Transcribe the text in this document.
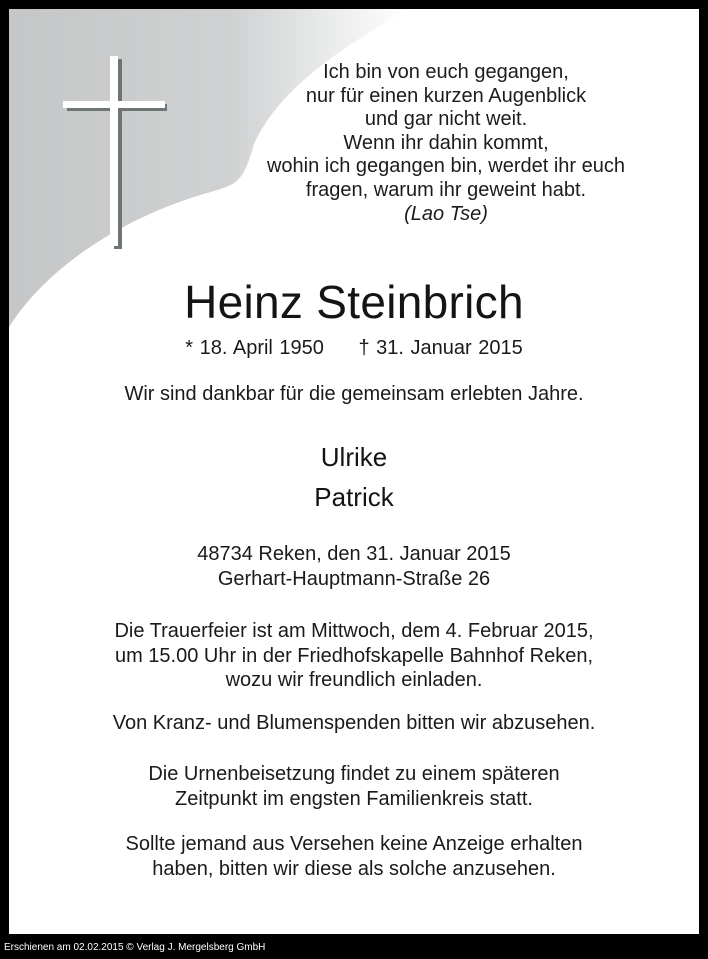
Ich bin von euch gegangen,
nur für einen kurzen Augenblick
und gar nicht weit.
Wenn ihr dahin kommt,
wohin ich gegangen bin, werdet ihr euch
fragen, warum ihr geweint habt.
(Lao Tse)
Heinz Steinbrich
* 18. April 1950 † 31. Januar 2015
Wir sind dankbar für die gemeinsam erlebten Jahre.
Ulrike
Patrick
48734 Reken, den 31. Januar 2015
Gerhart-Hauptmann-Straße 26
Die Trauerfeier ist am Mittwoch, dem 4. Februar 2015,
um 15.00 Uhr in der Friedhofskapelle Bahnhof Reken,
wozu wir freundlich einladen.
Von Kranz- und Blumenspenden bitten wir abzusehen.
Die Urnenbeisetzung findet zu einem späteren
Zeitpunkt im engsten Familienkreis statt.
Sollte jemand aus Versehen keine Anzeige erhalten
haben, bitten wir diese als solche anzusehen.
Erschienen am 02.02.2015 © Verlag J. Mergelsberg GmbH
